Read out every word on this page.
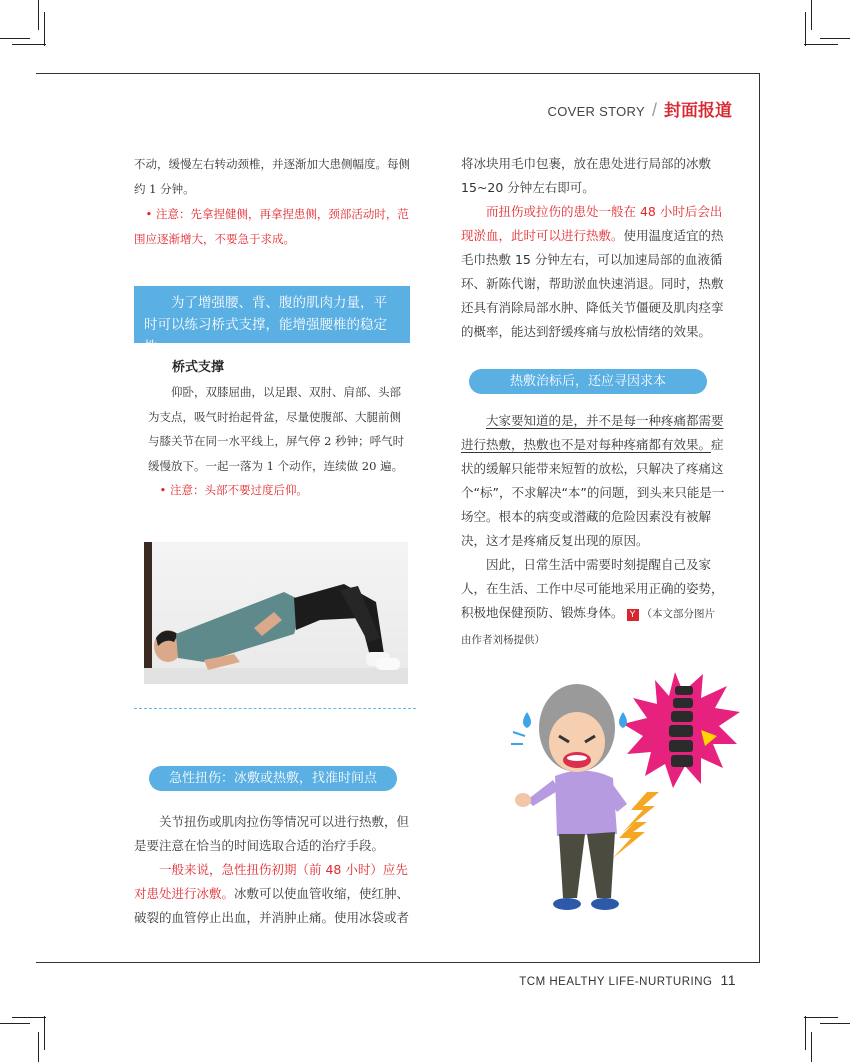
COVER STORY / 封面报道

不动，缓慢左右转动颈椎，并逐渐加大患侧幅度。每侧约 1 分钟。

• 注意：先拿捏健侧，再拿捏患侧，颈部活动时，范围应逐渐增大，不要急于求成。

为了增强腰、背、腹的肌肉力量，平时可以练习桥式支撑，能增强腰椎的稳定性。

桥式支撑

仰卧，双膝屈曲，以足跟、双肘、肩部、头部为支点，吸气时抬起骨盆，尽量使腹部、大腿前侧与膝关节在同一水平线上，屏气停 2 秒钟；呼气时缓慢放下。一起一落为 1 个动作，连续做 20 遍。

• 注意：头部不要过度后仰。

急性扭伤：冰敷或热敷，找准时间点

关节扭伤或肌肉拉伤等情况可以进行热敷，但是要注意在恰当的时间选取合适的治疗手段。

一般来说，急性扭伤初期（前 48 小时）应先对患处进行冰敷。冰敷可以使血管收缩，使红肿、破裂的血管停止出血，并消肿止痛。使用冰袋或者

将冰块用毛巾包裹，放在患处进行局部的冰敷 15~20 分钟左右即可。

而扭伤或拉伤的患处一般在 48 小时后会出现淤血，此时可以进行热敷。使用温度适宜的热毛巾热敷 15 分钟左右，可以加速局部的血液循环、新陈代谢，帮助淤血快速消退。同时，热敷还具有消除局部水肿、降低关节僵硬及肌肉痉挛的概率，能达到舒缓疼痛与放松情绪的效果。

热敷治标后，还应寻因求本

大家要知道的是，并不是每一种疼痛都需要进行热敷，热敷也不是对每种疼痛都有效果。症状的缓解只能带来短暂的放松，只解决了疼痛这个“标”，不求解决“本”的问题，到头来只能是一场空。根本的病变或潜藏的危险因素没有被解决，这才是疼痛反复出现的原因。

因此，日常生活中需要时刻提醒自己及家人，在生活、工作中尽可能地采用正确的姿势，积极地保健预防、锻炼身体。 Y （本文部分图片由作者刘杨提供）

TCM HEALTHY LIFE-NURTURING 11
